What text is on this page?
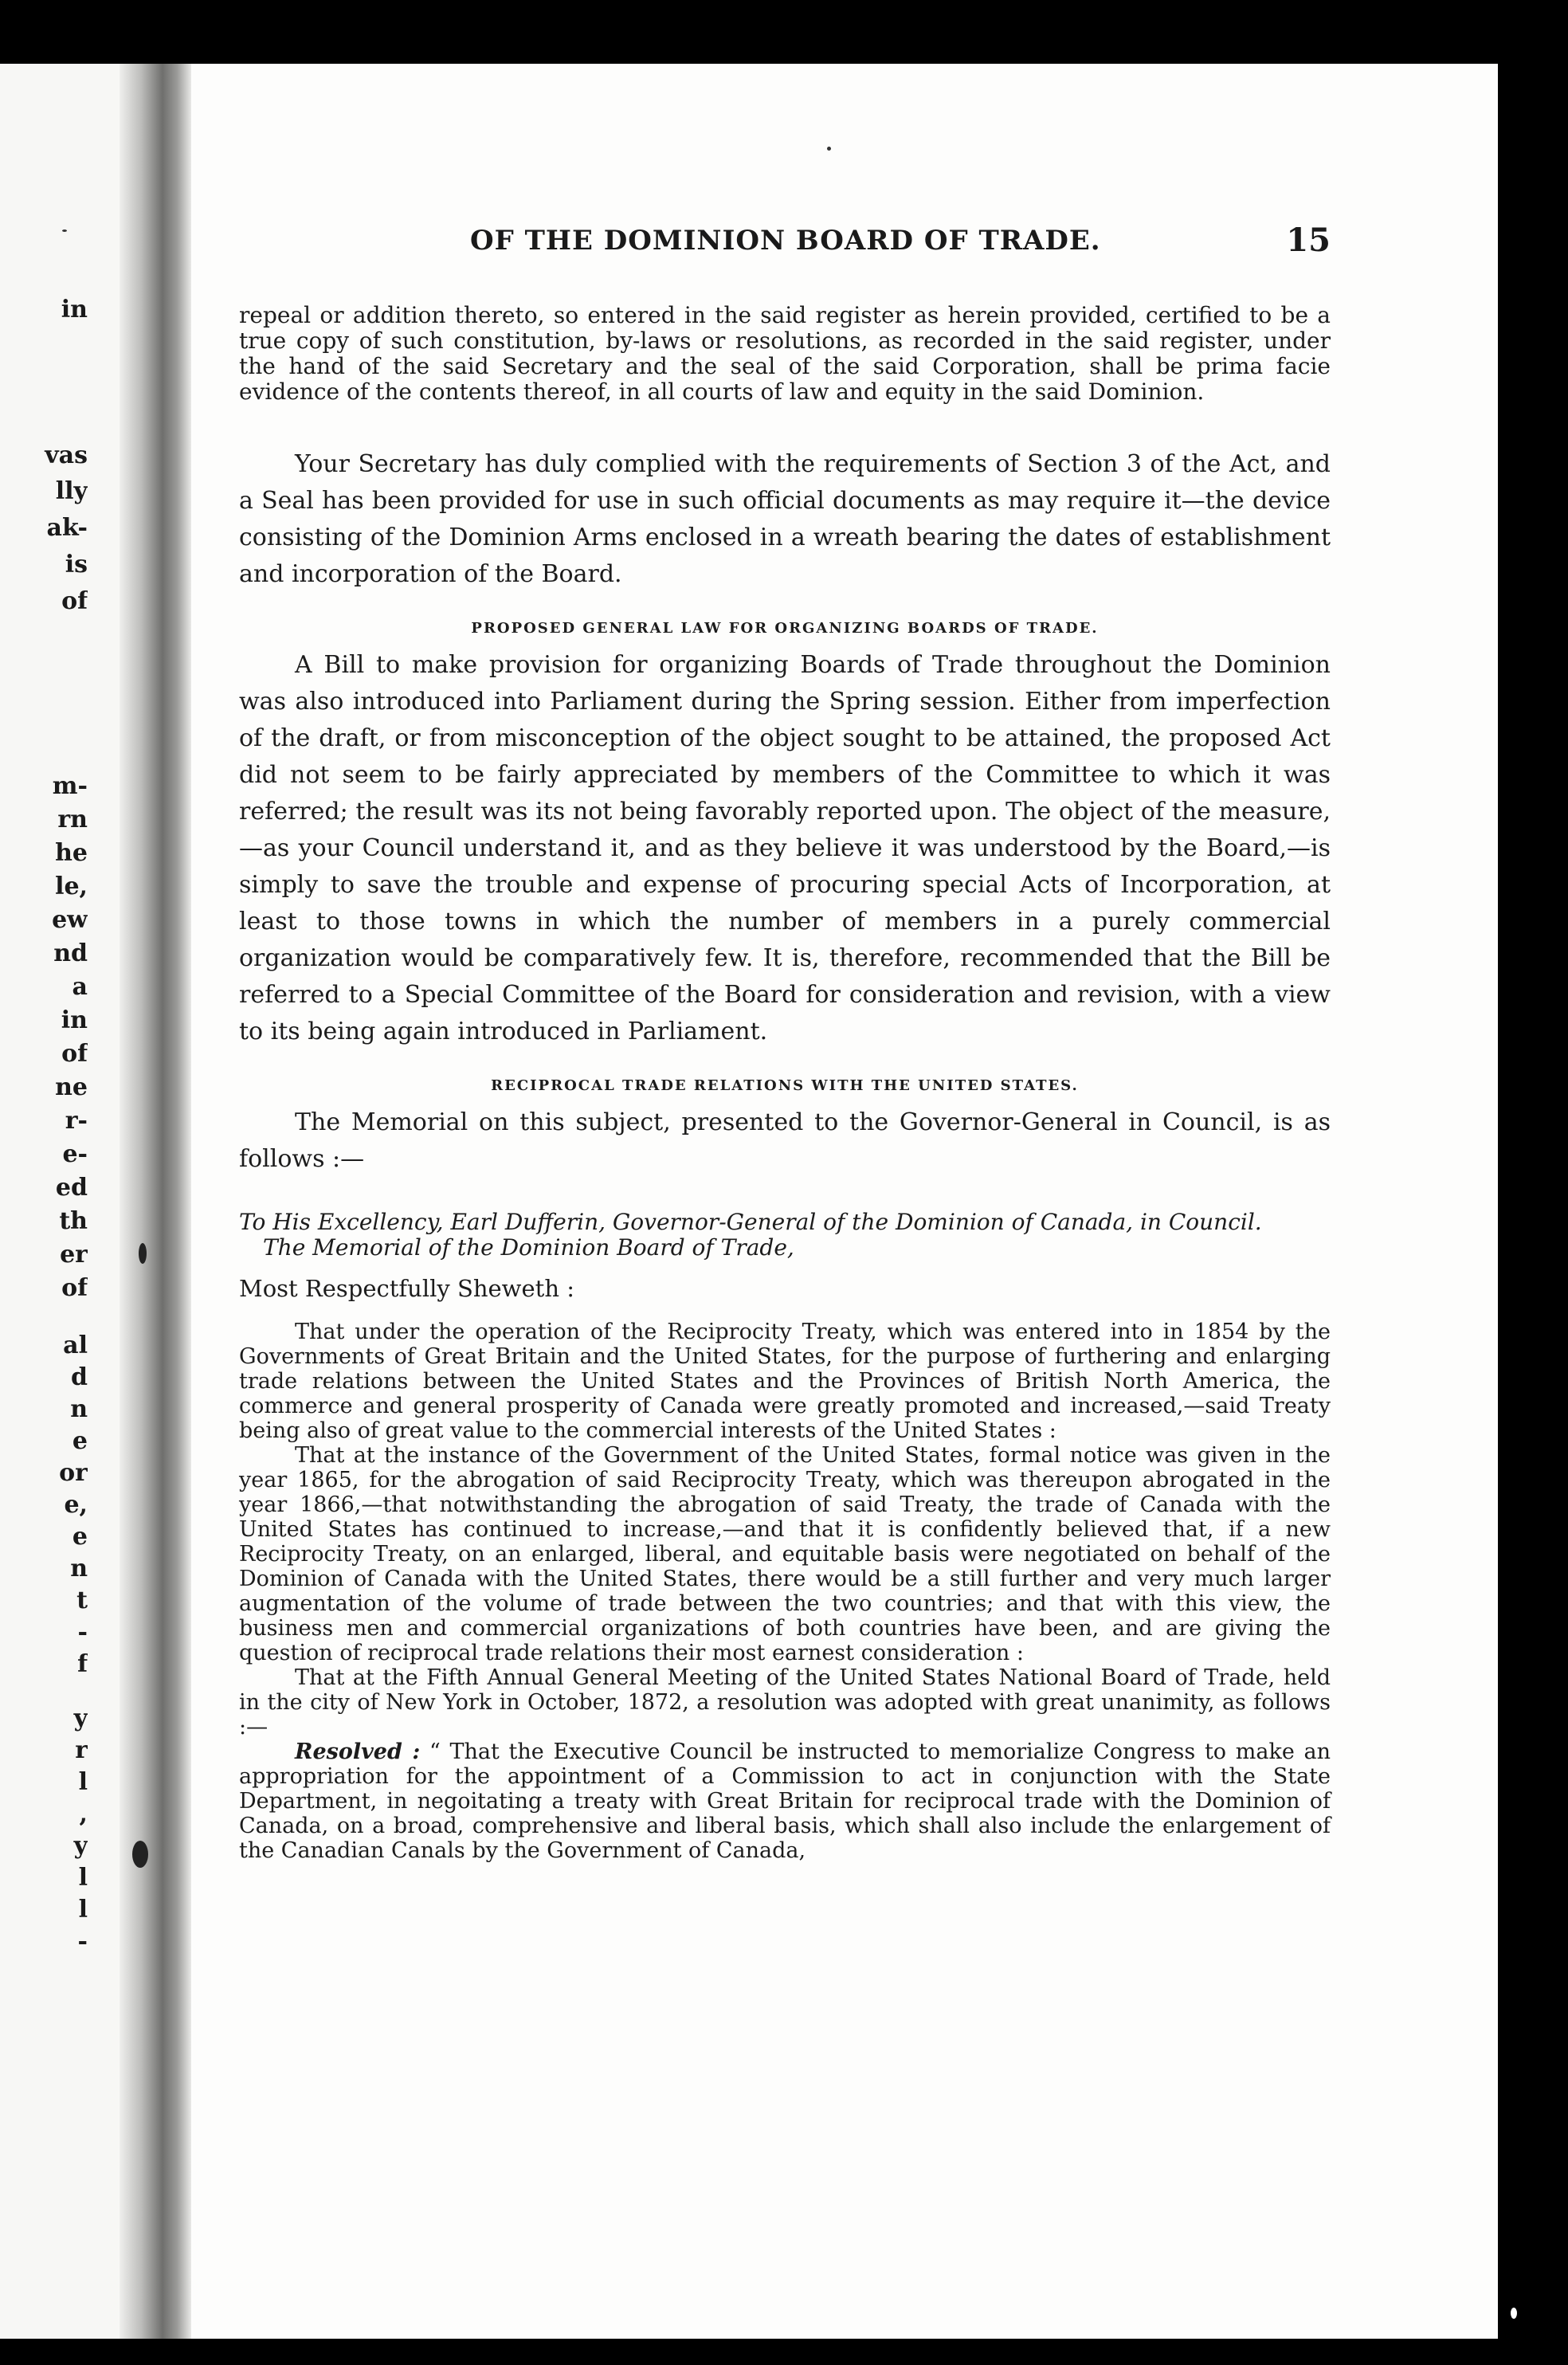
in
vas
lly
ak-
is
of
m-
rn
he
le,
ew
nd
a
in
of
ne
r-
e-
ed
th
er
of
al
d
n
e
or
e,
e
n
t
-
f
y
r
l
,
y
l
l
-
OF THE DOMINION BOARD OF TRADE.	15

repeal or addition thereto, so entered in the said register as herein provided, certified to be a true copy of such constitution, by-laws or resolutions, as recorded in the said register, under the hand of the said Secretary and the seal of the said Corporation, shall be prima facie evidence of the contents thereof, in all courts of law and equity in the said Dominion.

Your Secretary has duly complied with the requirements of Section 3 of the Act, and a Seal has been provided for use in such official documents as may require it—the device consisting of the Dominion Arms enclosed in a wreath bearing the dates of establishment and incorporation of the Board.

PROPOSED GENERAL LAW FOR ORGANIZING BOARDS OF TRADE.

A Bill to make provision for organizing Boards of Trade throughout the Dominion was also introduced into Parliament during the Spring session. Either from imperfection of the draft, or from misconception of the object sought to be attained, the proposed Act did not seem to be fairly appreciated by members of the Committee to which it was referred; the result was its not being favorably reported upon. The object of the measure,—as your Council understand it, and as they believe it was understood by the Board,—is simply to save the trouble and expense of procuring special Acts of Incorporation, at least to those towns in which the number of members in a purely commercial organization would be comparatively few. It is, therefore, recommended that the Bill be referred to a Special Committee of the Board for consideration and revision, with a view to its being again introduced in Parliament.

RECIPROCAL TRADE RELATIONS WITH THE UNITED STATES.

The Memorial on this subject, presented to the Governor-General in Council, is as follows :—

To His Excellency, Earl Dufferin, Governor-General of the Dominion of Canada, in Council.

The Memorial of the Dominion Board of Trade,

Most Respectfully Sheweth :

That under the operation of the Reciprocity Treaty, which was entered into in 1854 by the Governments of Great Britain and the United States, for the purpose of furthering and enlarging trade relations between the United States and the Provinces of British North America, the commerce and general prosperity of Canada were greatly promoted and increased,—said Treaty being also of great value to the commercial interests of the United States :

That at the instance of the Government of the United States, formal notice was given in the year 1865, for the abrogation of said Reciprocity Treaty, which was thereupon abrogated in the year 1866,—that notwithstanding the abrogation of said Treaty, the trade of Canada with the United States has continued to increase,—and that it is confidently believed that, if a new Reciprocity Treaty, on an enlarged, liberal, and equitable basis were negotiated on behalf of the Dominion of Canada with the United States, there would be a still further and very much larger augmentation of the volume of trade between the two countries; and that with this view, the business men and commercial organizations of both countries have been, and are giving the question of reciprocal trade relations their most earnest consideration :

That at the Fifth Annual General Meeting of the United States National Board of Trade, held in the city of New York in October, 1872, a resolution was adopted with great unanimity, as follows :—

Resolved : “ That the Executive Council be instructed to memorialize Congress to make an appropriation for the appointment of a Commission to act in conjunction with the State Department, in negoitating a treaty with Great Britain for reciprocal trade with the Dominion of Canada, on a broad, comprehensive and liberal basis, which shall also include the enlargement of the Canadian Canals by the Government of Canada,
